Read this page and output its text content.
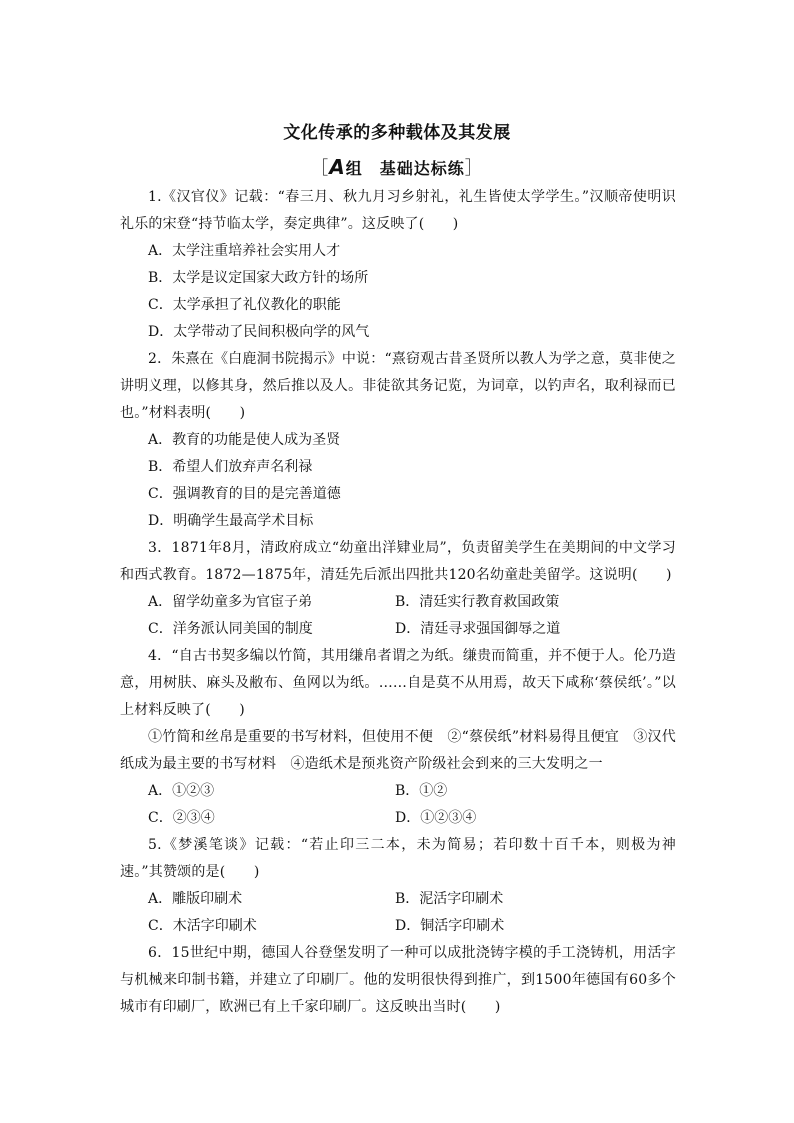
文化传承的多种载体及其发展
［A组　基础达标练］
1.《汉官仪》记载：“春三月、秋九月习乡射礼，礼生皆使太学学生。”汉顺帝使明识礼乐的宋登“持节临太学，奏定典律”。这反映了(　　)
A．太学注重培养社会实用人才
B．太学是议定国家大政方针的场所
C．太学承担了礼仪教化的职能
D．太学带动了民间积极向学的风气
2．朱熹在《白鹿洞书院揭示》中说：“熹窃观古昔圣贤所以教人为学之意，莫非使之讲明义理，以修其身，然后推以及人。非徒欲其务记览，为词章，以钓声名，取利禄而已也。”材料表明(　　)
A．教育的功能是使人成为圣贤
B．希望人们放弃声名利禄
C．强调教育的目的是完善道德
D．明确学生最高学术目标
3．1871年8月，清政府成立“幼童出洋肄业局”，负责留美学生在美期间的中文学习和西式教育。1872—1875年，清廷先后派出四批共120名幼童赴美留学。这说明(　　)
A．留学幼童多为官宦子弟	B．清廷实行教育救国政策
C．洋务派认同美国的制度	D．清廷寻求强国御辱之道
4．“自古书契多编以竹简，其用缣帛者谓之为纸。缣贵而简重，并不便于人。伦乃造意，用树肤、麻头及敝布、鱼网以为纸。……自是莫不从用焉，故天下咸称‘蔡侯纸’。”以上材料反映了(　　)
①竹简和丝帛是重要的书写材料，但使用不便　②“蔡侯纸”材料易得且便宜　③汉代纸成为最主要的书写材料　④造纸术是预兆资产阶级社会到来的三大发明之一
A．①②③	B．①②
C．②③④	D．①②③④
5.《梦溪笔谈》记载：“若止印三二本，未为简易；若印数十百千本，则极为神速。”其赞颂的是(　　)
A．雕版印刷术	B．泥活字印刷术
C．木活字印刷术	D．铜活字印刷术
6．15世纪中期，德国人谷登堡发明了一种可以成批浇铸字模的手工浇铸机，用活字与机械来印制书籍，并建立了印刷厂。他的发明很快得到推广，到1500年德国有60多个城市有印刷厂，欧洲已有上千家印刷厂。这反映出当时(　　)
